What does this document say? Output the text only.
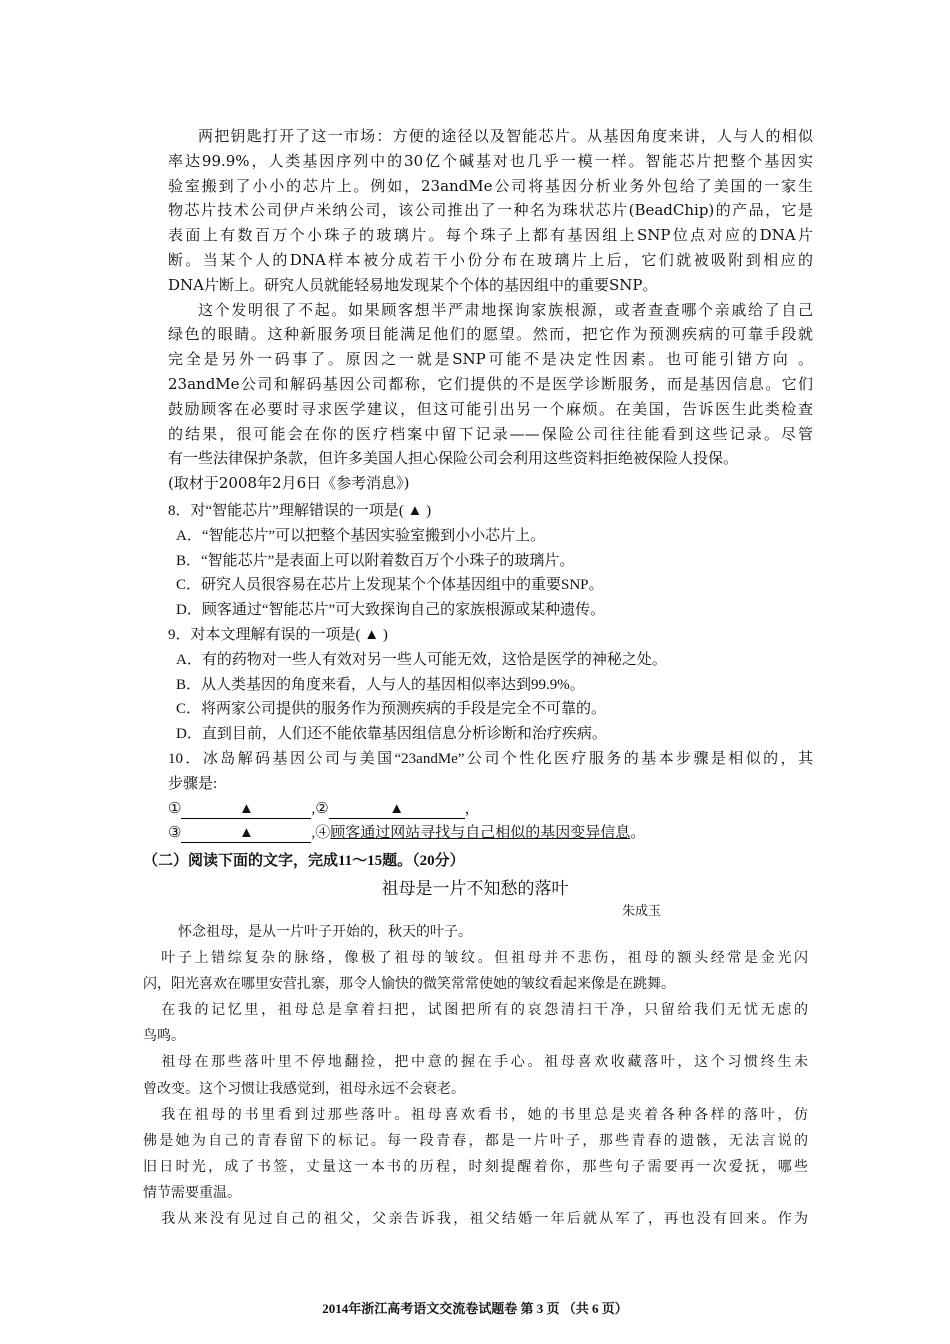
两把钥匙打开了这一市场：方便的途径以及智能芯片。从基因角度来讲，人与人的相似

率达99.9%，人类基因序列中的30亿个碱基对也几乎一模一样。智能芯片把整个基因实

验室搬到了小小的芯片上。例如，23andMe公司将基因分析业务外包给了美国的一家生

物芯片技术公司伊卢米纳公司，该公司推出了一种名为珠状芯片(BeadChip)的产品，它是

表面上有数百万个小珠子的玻璃片。每个珠子上都有基因组上SNP位点对应的DNA片

断。当某个人的DNA样本被分成若干小份分布在玻璃片上后，它们就被吸附到相应的

DNA片断上。研究人员就能轻易地发现某个个体的基因组中的重要SNP。

这个发明很了不起。如果顾客想半严肃地探询家族根源，或者查查哪个亲戚给了自己

绿色的眼睛。这种新服务项目能满足他们的愿望。然而，把它作为预测疾病的可靠手段就

完全是另外一码事了。原因之一就是SNP可能不是决定性因素。也可能引错方向 。

23andMe公司和解码基因公司都称，它们提供的不是医学诊断服务，而是基因信息。它们

鼓励顾客在必要时寻求医学建议，但这可能引出另一个麻烦。在美国，告诉医生此类检查

的结果，很可能会在你的医疗档案中留下记录——保险公司往往能看到这些记录。尽管

有一些法律保护条款，但许多美国人担心保险公司会利用这些资料拒绝被保险人投保。

(取材于2008年2月6日《参考消息》)

8．对“智能芯片”理解错误的一项是( ▲ )

A．“智能芯片”可以把整个基因实验室搬到小小芯片上。

B．“智能芯片”是表面上可以附着数百万个小珠子的玻璃片。

C．研究人员很容易在芯片上发现某个个体基因组中的重要SNP。

D．顾客通过“智能芯片”可大致探询自己的家族根源或某种遗传。

9．对本文理解有误的一项是( ▲ )

A．有的药物对一些人有效对另一些人可能无效，这恰是医学的神秘之处。

B．从人类基因的角度来看，人与人的基因相似率达到99.9%。

C．将两家公司提供的服务作为预测疾病的手段是完全不可靠的。

D．直到目前，人们还不能依靠基因组信息分析诊断和治疗疾病。

10．冰岛解码基因公司与美国“23andMe”公司个性化医疗服务的基本步骤是相似的，其

步骤是:

①	▲	,②	▲	，

③	▲	,④顾客通过网站寻找与自己相似的基因变异信息。

（二）阅读下面的文字，完成11～15题。（20分）
祖母是一片不知愁的落叶
朱成玉

怀念祖母，是从一片叶子开始的，秋天的叶子。

叶子上错综复杂的脉络，像极了祖母的皱纹。但祖母并不悲伤，祖母的额头经常是金光闪

闪，阳光喜欢在哪里安营扎寨，那令人愉快的微笑常常使她的皱纹看起来像是在跳舞。

在我的记忆里，祖母总是拿着扫把，试图把所有的哀怨清扫干净，只留给我们无忧无虑的

鸟鸣。

祖母在那些落叶里不停地翻捡，把中意的握在手心。祖母喜欢收藏落叶，这个习惯终生未

曾改变。这个习惯让我感觉到，祖母永远不会衰老。

我在祖母的书里看到过那些落叶。祖母喜欢看书，她的书里总是夹着各种各样的落叶，仿

佛是她为自己的青春留下的标记。每一段青春，都是一片叶子，那些青春的遗骸，无法言说的

旧日时光，成了书签，丈量这一本书的历程，时刻提醒着你，那些句子需要再一次爱抚，哪些

情节需要重温。

我从来没有见过自己的祖父，父亲告诉我，祖父结婚一年后就从军了，再也没有回来。作为

2014年浙江高考语文交流卷试题卷 第 3 页 （共 6 页）
